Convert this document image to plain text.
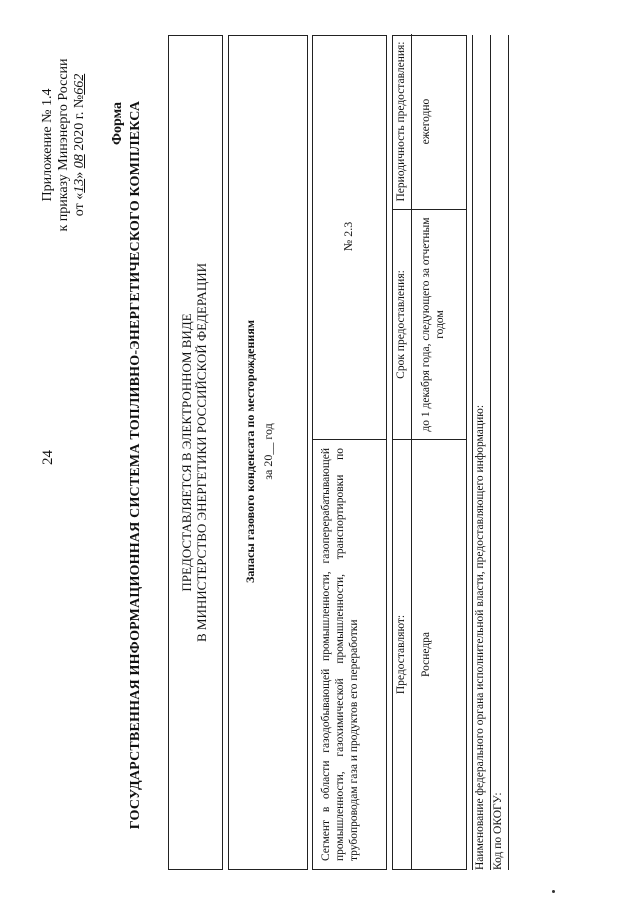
24
Приложение № 1.4 к приказу Минэнерго России от «13» 08 2020 г. №662
Форма ГОСУДАРСТВЕННАЯ ИНФОРМАЦИОННАЯ СИСТЕМА ТОПЛИВНО-ЭНЕРГЕТИЧЕСКОГО КОМПЛЕКСА	ПРЕДОСТАВЛЯЕТСЯ В ЭЛЕКТРОННОМ ВИДЕ В МИНИСТЕРСТВО ЭНЕРГЕТИКИ РОССИЙСКОЙ ФЕДЕРАЦИИ	Запасы газового конденсата по месторождениям за 20__ год	Сегмент в области газодобывающей промышленности, газоперерабатывающей промышленности, газохимической промышленности, транспортировки по трубопроводам газа и продуктов его переработки
№ 2.3
Предоставляют:	Роснедра
Срок предоставления:	до 1 декабря года, следующего за отчетным годом
Периодичность предоставления:	ежегодно
Наименование федерального органа исполнительной власти, предоставляющего информацию: Код по ОКОГУ:
